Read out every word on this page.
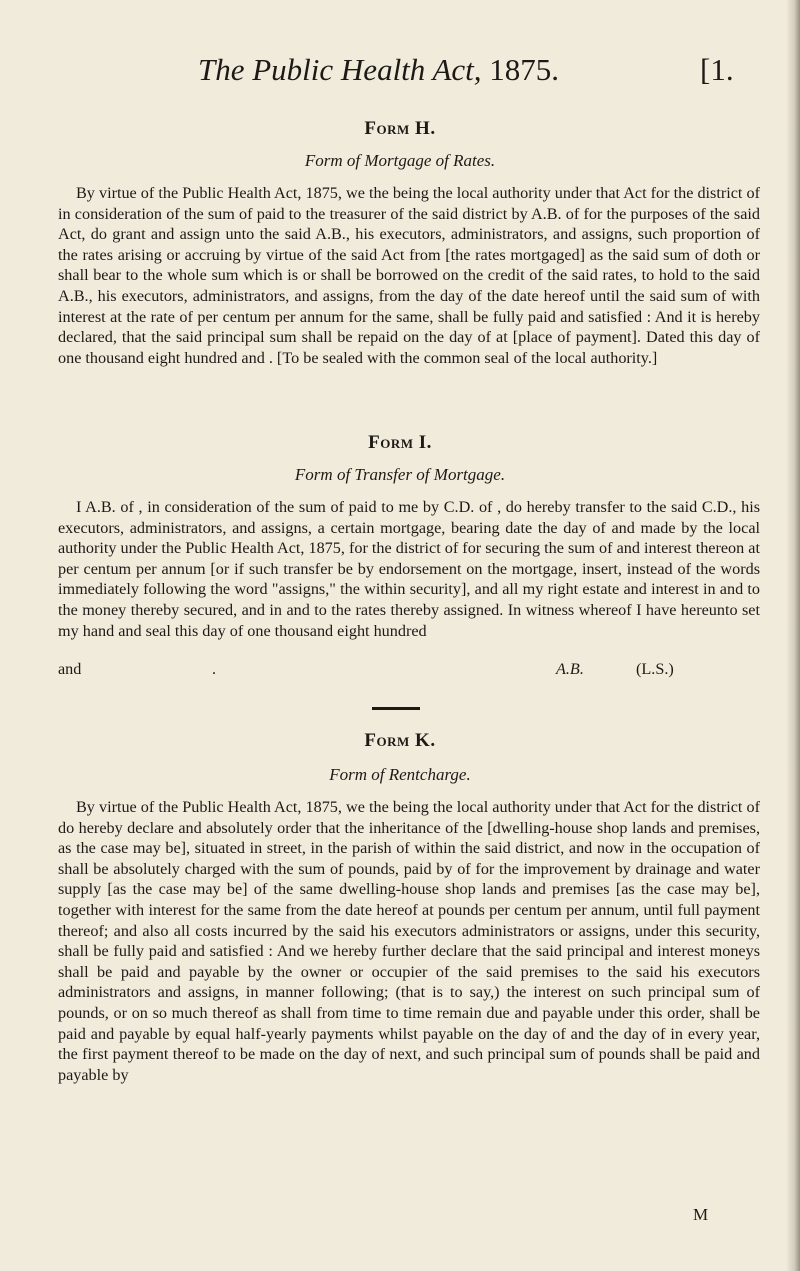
The Public Health Act, 1875.	[1.
Form H.
Form of Mortgage of Rates.

By virtue of the Public Health Act, 1875, we the being the local authority under that Act for the district of in consideration of the sum of paid to the treasurer of the said district by A.B. of for the purposes of the said Act, do grant and assign unto the said A.B., his executors, administrators, and assigns, such proportion of the rates arising or accruing by virtue of the said Act from [the rates mortgaged] as the said sum of doth or shall bear to the whole sum which is or shall be borrowed on the credit of the said rates, to hold to the said A.B., his executors, administrators, and assigns, from the day of the date hereof until the said sum of with interest at the rate of per centum per annum for the same, shall be fully paid and satisfied : And it is hereby declared, that the said principal sum shall be repaid on the day of at [place of payment]. Dated this day of one thousand eight hundred and . [To be sealed with the common seal of the local authority.]

Form I.
Form of Transfer of Mortgage.

I A.B. of , in consideration of the sum of paid to me by C.D. of , do hereby transfer to the said C.D., his executors, administrators, and assigns, a certain mortgage, bearing date the day of and made by the local authority under the Public Health Act, 1875, for the district of for securing the sum of and interest thereon at per centum per annum [or if such transfer be by endorsement on the mortgage, insert, instead of the words immediately following the word "assigns," the within security], and all my right estate and interest in and to the money thereby secured, and in and to the rates thereby assigned. In witness whereof I have hereunto set my hand and seal this day of one thousand eight hundred

and	.	A.B.	(L.S.)
Form K.
Form of Rentcharge.

By virtue of the Public Health Act, 1875, we the being the local authority under that Act for the district of do hereby declare and absolutely order that the inheritance of the [dwelling-house shop lands and premises, as the case may be], situated in street, in the parish of within the said district, and now in the occupation of shall be absolutely charged with the sum of pounds, paid by of for the improvement by drainage and water supply [as the case may be] of the same dwelling-house shop lands and premises [as the case may be], together with interest for the same from the date hereof at pounds per centum per annum, until full payment thereof; and also all costs incurred by the said his executors administrators or assigns, under this security, shall be fully paid and satisfied : And we hereby further declare that the said principal and interest moneys shall be paid and payable by the owner or occupier of the said premises to the said his executors administrators and assigns, in manner following; (that is to say,) the interest on such principal sum of pounds, or on so much thereof as shall from time to time remain due and payable under this order, shall be paid and payable by equal half-yearly payments whilst payable on the day of and the day of in every year, the first payment thereof to be made on the day of next, and such principal sum of pounds shall be paid and payable by

M
